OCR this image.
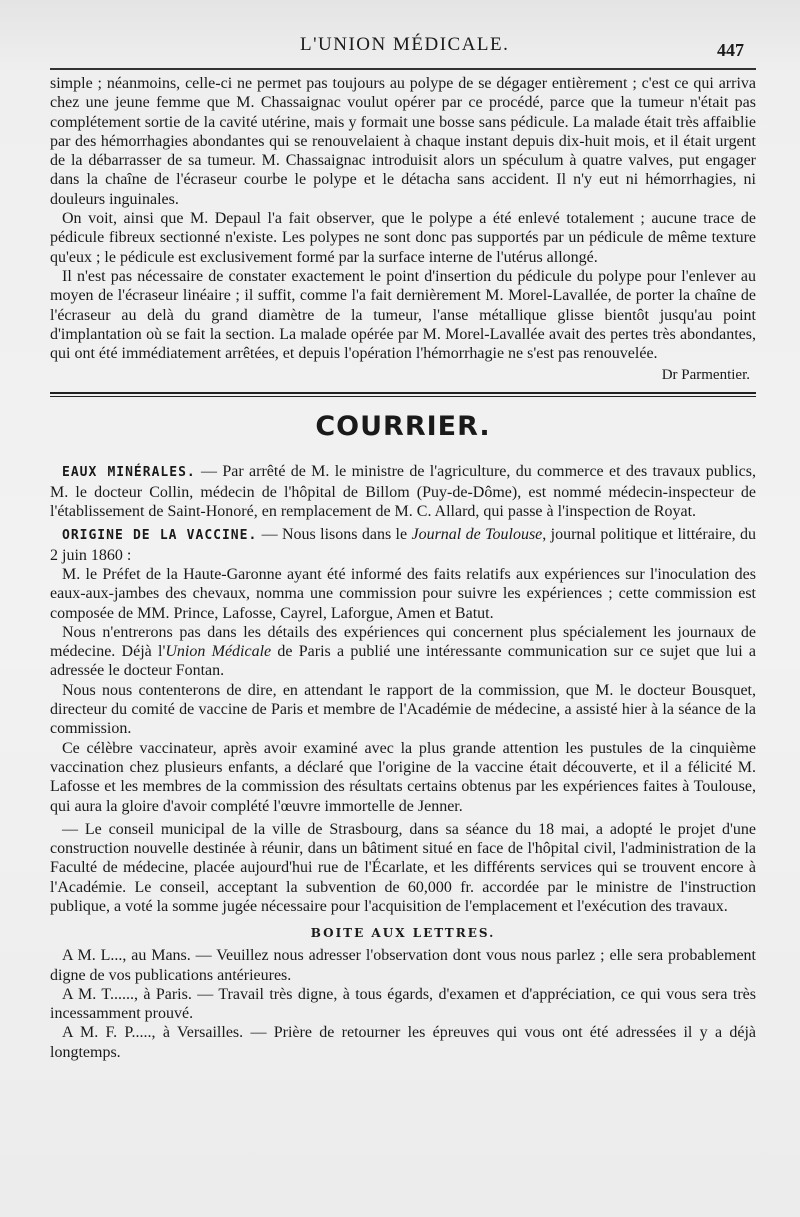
L'UNION MÉDICALE.	447

simple ; néanmoins, celle-ci ne permet pas toujours au polype de se dégager entièrement ; c'est ce qui arriva chez une jeune femme que M. Chassaignac voulut opérer par ce procédé, parce que la tumeur n'était pas complétement sortie de la cavité utérine, mais y formait une bosse sans pédicule. La malade était très affaiblie par des hémorrhagies abondantes qui se renouvelaient à chaque instant depuis dix-huit mois, et il était urgent de la débarrasser de sa tumeur. M. Chassaignac introduisit alors un spéculum à quatre valves, put engager dans la chaîne de l'écraseur courbe le polype et le détacha sans accident. Il n'y eut ni hémorrhagies, ni douleurs inguinales.

On voit, ainsi que M. Depaul l'a fait observer, que le polype a été enlevé totalement ; aucune trace de pédicule fibreux sectionné n'existe. Les polypes ne sont donc pas supportés par un pédicule de même texture qu'eux ; le pédicule est exclusivement formé par la surface interne de l'utérus allongé.

Il n'est pas nécessaire de constater exactement le point d'insertion du pédicule du polype pour l'enlever au moyen de l'écraseur linéaire ; il suffit, comme l'a fait dernièrement M. Morel-Lavallée, de porter la chaîne de l'écraseur au delà du grand diamètre de la tumeur, l'anse métallique glisse bientôt jusqu'au point d'implantation où se fait la section. La malade opérée par M. Morel-Lavallée avait des pertes très abondantes, qui ont été immédiatement arrêtées, et depuis l'opération l'hémorrhagie ne s'est pas renouvelée.

Dr Parmentier.
COURRIER.

EAUX MINÉRALES. — Par arrêté de M. le ministre de l'agriculture, du commerce et des travaux publics, M. le docteur Collin, médecin de l'hôpital de Billom (Puy-de-Dôme), est nommé médecin-inspecteur de l'établissement de Saint-Honoré, en remplacement de M. C. Allard, qui passe à l'inspection de Royat.

ORIGINE DE LA VACCINE. — Nous lisons dans le Journal de Toulouse, journal politique et littéraire, du 2 juin 1860 :

M. le Préfet de la Haute-Garonne ayant été informé des faits relatifs aux expériences sur l'inoculation des eaux-aux-jambes des chevaux, nomma une commission pour suivre les expériences ; cette commission est composée de MM. Prince, Lafosse, Cayrel, Laforgue, Amen et Batut.

Nous n'entrerons pas dans les détails des expériences qui concernent plus spécialement les journaux de médecine. Déjà l'Union Médicale de Paris a publié une intéressante communication sur ce sujet que lui a adressée le docteur Fontan.

Nous nous contenterons de dire, en attendant le rapport de la commission, que M. le docteur Bousquet, directeur du comité de vaccine de Paris et membre de l'Académie de médecine, a assisté hier à la séance de la commission.

Ce célèbre vaccinateur, après avoir examiné avec la plus grande attention les pustules de la cinquième vaccination chez plusieurs enfants, a déclaré que l'origine de la vaccine était découverte, et il a félicité M. Lafosse et les membres de la commission des résultats certains obtenus par les expériences faites à Toulouse, qui aura la gloire d'avoir complété l'œuvre immortelle de Jenner.

— Le conseil municipal de la ville de Strasbourg, dans sa séance du 18 mai, a adopté le projet d'une construction nouvelle destinée à réunir, dans un bâtiment situé en face de l'hôpital civil, l'administration de la Faculté de médecine, placée aujourd'hui rue de l'Écarlate, et les différents services qui se trouvent encore à l'Académie. Le conseil, acceptant la subvention de 60,000 fr. accordée par le ministre de l'instruction publique, a voté la somme jugée nécessaire pour l'acquisition de l'emplacement et l'exécution des travaux.

BOITE AUX LETTRES.

A M. L..., au Mans. — Veuillez nous adresser l'observation dont vous nous parlez ; elle sera probablement digne de vos publications antérieures.

A M. T......, à Paris. — Travail très digne, à tous égards, d'examen et d'appréciation, ce qui vous sera très incessamment prouvé.

A M. F. P....., à Versailles. — Prière de retourner les épreuves qui vous ont été adressées il y a déjà longtemps.
